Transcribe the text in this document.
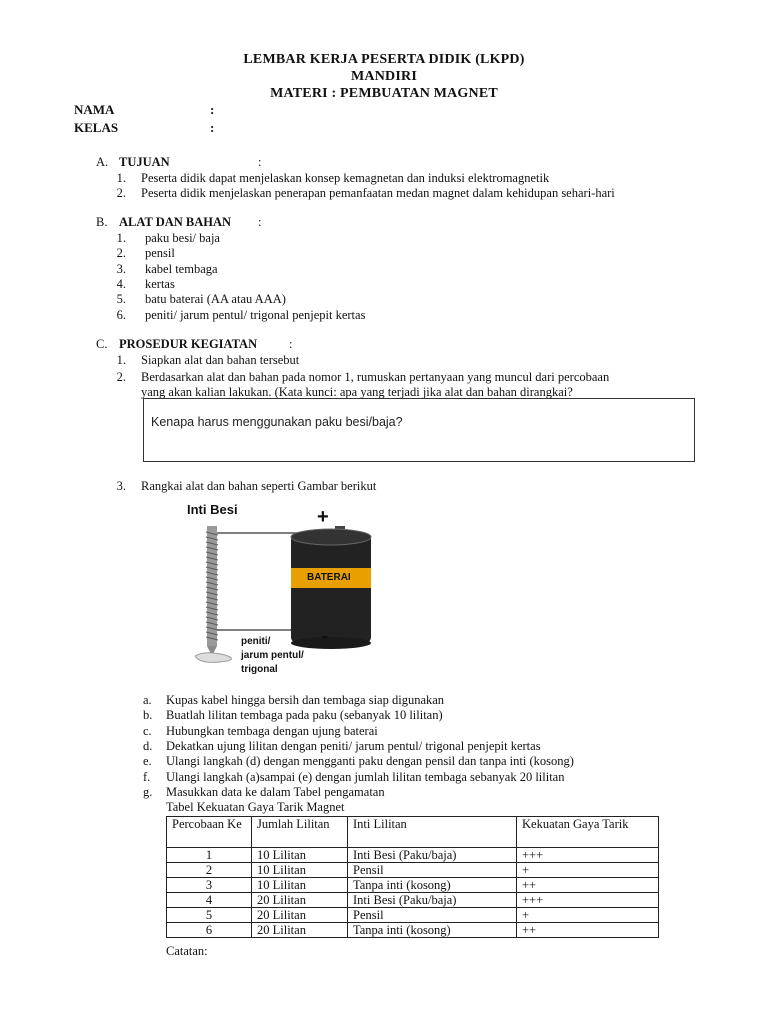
LEMBAR KERJA PESERTA DIDIK (LKPD)
MANDIRI
MATERI : PEMBUATAN MAGNET
NAMA	:
KELAS	:
A. TUJUAN	:
1. Peserta didik dapat menjelaskan konsep kemagnetan dan induksi elektromagnetik
2. Peserta didik menjelaskan penerapan pemanfaatan medan magnet dalam kehidupan sehari-hari
B. ALAT DAN BAHAN :
1. paku besi/ baja
2. pensil
3. kabel tembaga
4. kertas
5. batu baterai (AA atau AAA)
6. peniti/ jarum pentul/ trigonal penjepit kertas
C. PROSEDUR KEGIATAN	:
1. Siapkan alat dan bahan tersebut
2. Berdasarkan alat dan bahan pada nomor 1, rumuskan pertanyaan yang muncul dari percobaan
yang akan kalian lakukan. (Kata kunci: apa yang terjadi jika alat dan bahan dirangkai?
Kenapa harus menggunakan paku besi/baja?
3. Rangkai alat dan bahan seperti Gambar berikut
Inti Besi	+
BATERAI
-
peniti/
jarum pentul/
trigonal
a. Kupas kabel hingga bersih dan tembaga siap digunakan
b. Buatlah lilitan tembaga pada paku (sebanyak 10 lilitan)
c. Hubungkan tembaga dengan ujung baterai
d. Dekatkan ujung lilitan dengan peniti/ jarum pentul/ trigonal penjepit kertas
e. Ulangi langkah (d) dengan mengganti paku dengan pensil dan tanpa inti (kosong)
f. Ulangi langkah (a)sampai (e) dengan jumlah lilitan tembaga sebanyak 20 lilitan
g. Masukkan data ke dalam Tabel pengamatan
Tabel Kekuatan Gaya Tarik Magnet
Percobaan Ke	Jumlah Lilitan	Inti Lilitan	Kekuatan Gaya Tarik
1	10 Lilitan	Inti Besi (Paku/baja)	+++
2	10 Lilitan	Pensil	+
3	10 Lilitan	Tanpa inti (kosong)	++
4	20 Lilitan	Inti Besi (Paku/baja)	+++
5	20 Lilitan	Pensil	+
6	20 Lilitan	Tanpa inti (kosong)	++
Catatan:
